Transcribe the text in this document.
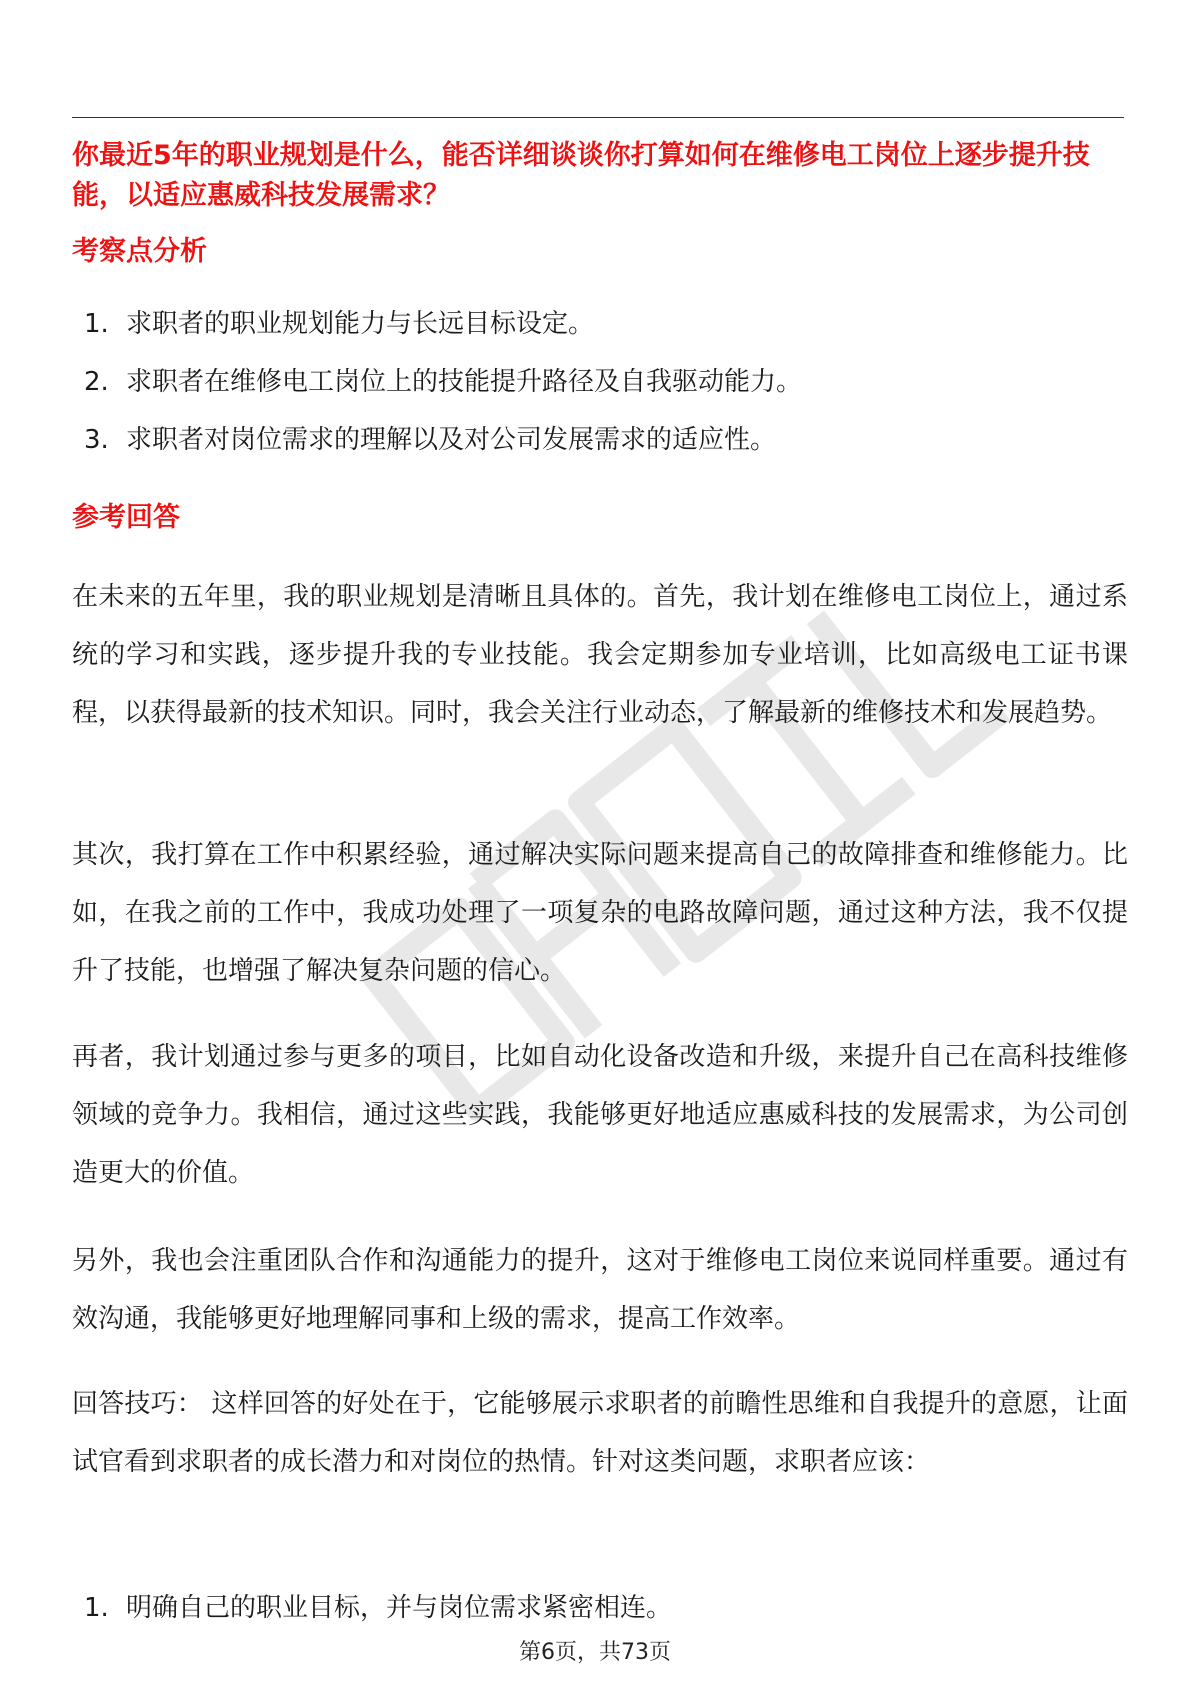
你最近5年的职业规划是什么，能否详细谈谈你打算如何在维修电工岗位上逐步提升技能，以适应惠威科技发展需求？

考察点分析
1. 求职者的职业规划能力与长远目标设定。
2. 求职者在维修电工岗位上的技能提升路径及自我驱动能力。
3. 求职者对岗位需求的理解以及对公司发展需求的适应性。
参考回答

在未来的五年里，我的职业规划是清晰且具体的。首先，我计划在维修电工岗位上，通过系统的学习和实践，逐步提升我的专业技能。我会定期参加专业培训，比如高级电工证书课程，以获得最新的技术知识。同时，我会关注行业动态，了解最新的维修技术和发展趋势。

其次，我打算在工作中积累经验，通过解决实际问题来提高自己的故障排查和维修能力。比如，在我之前的工作中，我成功处理了一项复杂的电路故障问题，通过这种方法，我不仅提升了技能，也增强了解决复杂问题的信心。

再者，我计划通过参与更多的项目，比如自动化设备改造和升级，来提升自己在高科技维修领域的竞争力。我相信，通过这些实践，我能够更好地适应惠威科技的发展需求，为公司创造更大的价值。

另外，我也会注重团队合作和沟通能力的提升，这对于维修电工岗位来说同样重要。通过有效沟通，我能够更好地理解同事和上级的需求，提高工作效率。

回答技巧： 这样回答的好处在于，它能够展示求职者的前瞻性思维和自我提升的意愿，让面试官看到求职者的成长潜力和对岗位的热情。针对这类问题，求职者应该：

1. 明确自己的职业目标，并与岗位需求紧密相连。
第6页，共73页
